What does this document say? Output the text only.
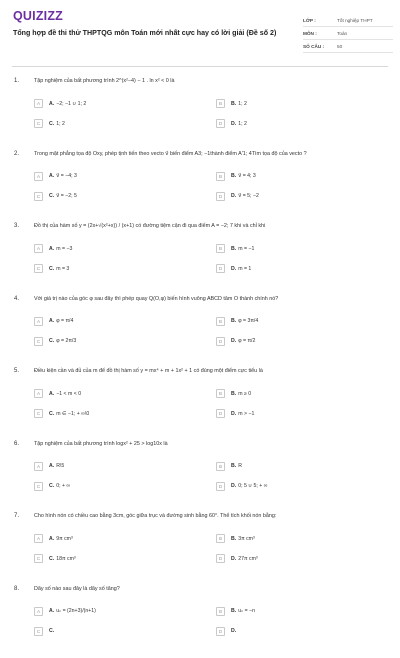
QUIZIZZ
Tổng hợp đề thi thử THPTQG môn Toán mới nhất cực hay có lời giải (Đề số 2)
LỚP :	Tốt nghiệp THPT
MÔN :	Toán
SỐ CÂU :	50
1.	Tập nghiệm của bất phương trình 2^(x²−4) − 1 . ln x² < 0 là
A	A. −2; −1 ∪ 1; 2	B	B. 1; 2
C	C. 1; 2	D	D. 1; 2
2.	Trong mặt phẳng tọa độ Oxy, phép tịnh tiến theo vecto v⃗ biến điểm A3; −1thành điểm A'1; 4Tìm tọa độ của vecto ?
A	A. v⃗ = −4; 3	B	B. v⃗ = 4; 3
C	C. v⃗ = −2; 5	D	D. v⃗ = 5; −2
3.	Đồ thị của hàm số y = (2x+√(x²+x)) / (x+1) có đường tiệm cận đi qua điểm A = −2; 7 khi và chỉ khi
A	A. m = −3	B	B. m = −1
C	C. m = 3	D	D. m = 1
4.	Với giá trị nào của góc φ sau đây thì phép quay Q(O,φ) biến hình vuông ABCD tâm O thành chính nó?
A	A. φ = π/4	B	B. φ = 3π/4
C	C. φ = 2π/3	D	D. φ = π/2
5.	Điều kiện cần và đủ của m để đồ thị hàm số y = mx⁴ + m + 1x² + 1 có đúng một điểm cực tiểu là
A	A. −1 < m < 0	B	B. m ≥ 0
C	C. m ∈ −1; + ∞\0	D	D. m > −1
6.	Tập nghiệm của bất phương trình logx² + 25 > log10x là
A	A. R\5	B	B. R
C	C. 0; + ∞	D	D. 0; 5 ∪ 5; + ∞
7.	Cho hình nón có chiều cao bằng 3cm, góc giữa trục và đường sinh bằng 60°. Thể tích khối nón bằng:
A	A. 9π cm³	B	B. 3π cm³
C	C. 18π cm³	D	D. 27π cm³
8.	Dãy số nào sau đây là dãy số tăng?
A	A. uₙ = (2n+3)/(n+1)	B	B. uₙ = −n
C	C.	D	D.
